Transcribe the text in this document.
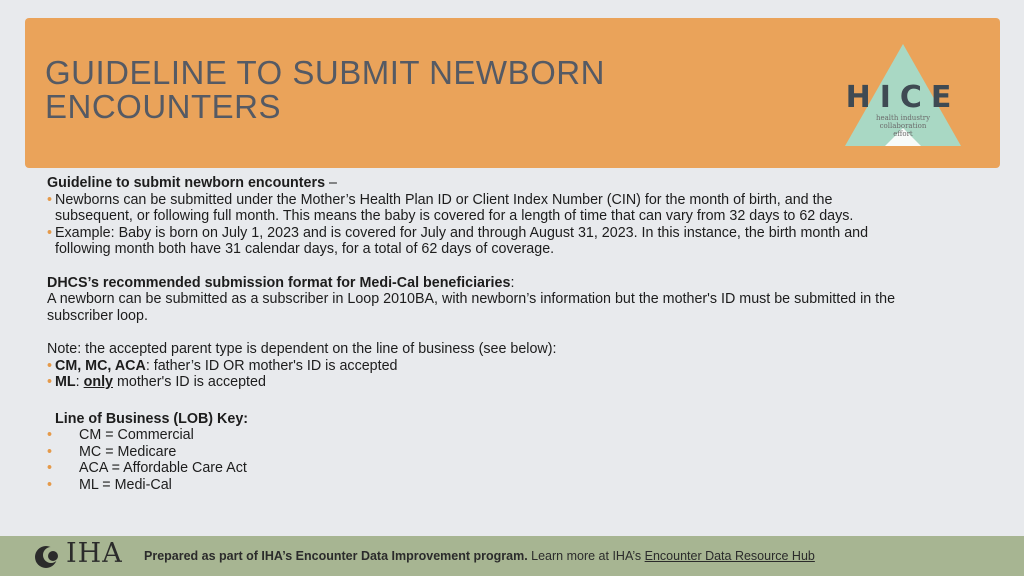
GUIDELINE TO SUBMIT NEWBORN
ENCOUNTERS	HICE
health industry
collaboration effort

Guideline to submit newborn encounters –

• Newborns can be submitted under the Mother’s Health Plan ID or Client Index Number (CIN) for the month of birth, and the
subsequent, or following full month. This means the baby is covered for a length of time that can vary from 32 days to 62 days.
• Example: Baby is born on July 1, 2023 and is covered for July and through August 31, 2023. In this instance, the birth month and
following month both have 31 calendar days, for a total of 62 days of coverage.

DHCS’s recommended submission format for Medi-Cal beneficiaries:

A newborn can be submitted as a subscriber in Loop 2010BA, with newborn’s information but the mother's ID must be submitted in the
subscriber loop.
Note: the accepted parent type is dependent on the line of business (see below):
• CM, MC, ACA: father’s ID OR mother's ID is accepted
• ML: only mother's ID is accepted
Line of Business (LOB) Key:
• CM = Commercial
• MC = Medicare
• ACA = Affordable Care Act
• ML = Medi-Cal
IHA Prepared as part of IHA’s Encounter Data Improvement program. Learn more at IHA’s Encounter Data Resource Hub
